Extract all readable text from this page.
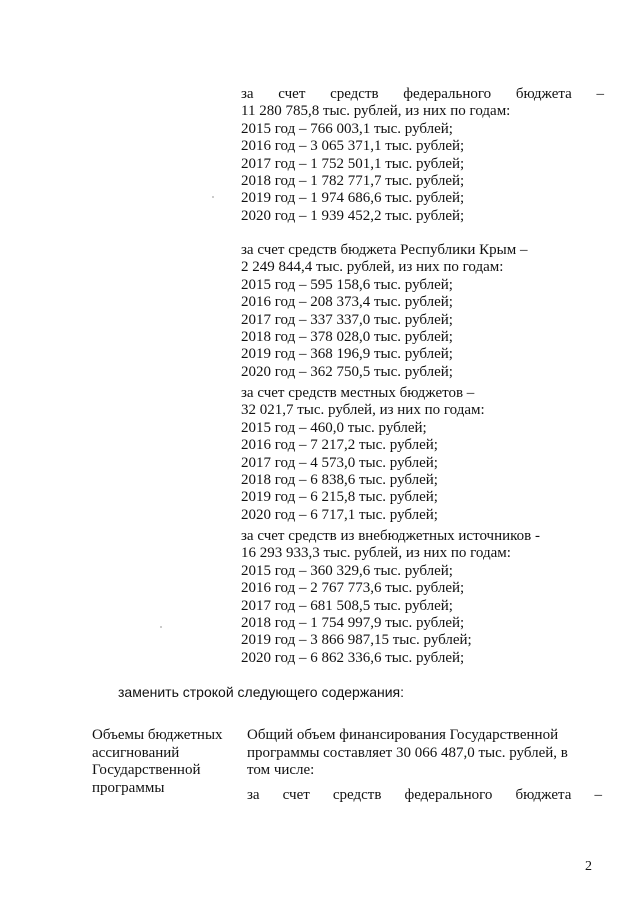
за счет средств федерального бюджета –
11 280 785,8 тыс. рублей, из них по годам:
2015 год – 766 003,1 тыс. рублей;
2016 год – 3 065 371,1 тыс. рублей;
2017 год – 1 752 501,1 тыс. рублей;
2018 год – 1 782 771,7 тыс. рублей;
2019 год – 1 974 686,6 тыс. рублей;
2020 год – 1 939 452,2 тыс. рублей;
за счет средств бюджета Республики Крым –
2 249 844,4 тыс. рублей, из них по годам:
2015 год – 595 158,6 тыс. рублей;
2016 год – 208 373,4 тыс. рублей;
2017 год – 337 337,0 тыс. рублей;
2018 год – 378 028,0 тыс. рублей;
2019 год – 368 196,9 тыс. рублей;
2020 год – 362 750,5 тыс. рублей;
за счет средств местных бюджетов –
32 021,7 тыс. рублей, из них по годам:
2015 год – 460,0 тыс. рублей;
2016 год – 7 217,2 тыс. рублей;
2017 год – 4 573,0 тыс. рублей;
2018 год – 6 838,6 тыс. рублей;
2019 год – 6 215,8 тыс. рублей;
2020 год – 6 717,1 тыс. рублей;
за счет средств из внебюджетных источников -
16 293 933,3 тыс. рублей, из них по годам:
2015 год – 360 329,6 тыс. рублей;
2016 год – 2 767 773,6 тыс. рублей;
2017 год – 681 508,5 тыс. рублей;
2018 год – 1 754 997,9 тыс. рублей;
2019 год – 3 866 987,15 тыс. рублей;
2020 год – 6 862 336,6 тыс. рублей;
заменить строкой следующего содержания:
Объемы бюджетных
ассигнований
Государственной
программы
Общий объем финансирования Государственной
программы составляет 30 066 487,0 тыс. рублей, в
том числе:
за счет средств федерального бюджета –
2
